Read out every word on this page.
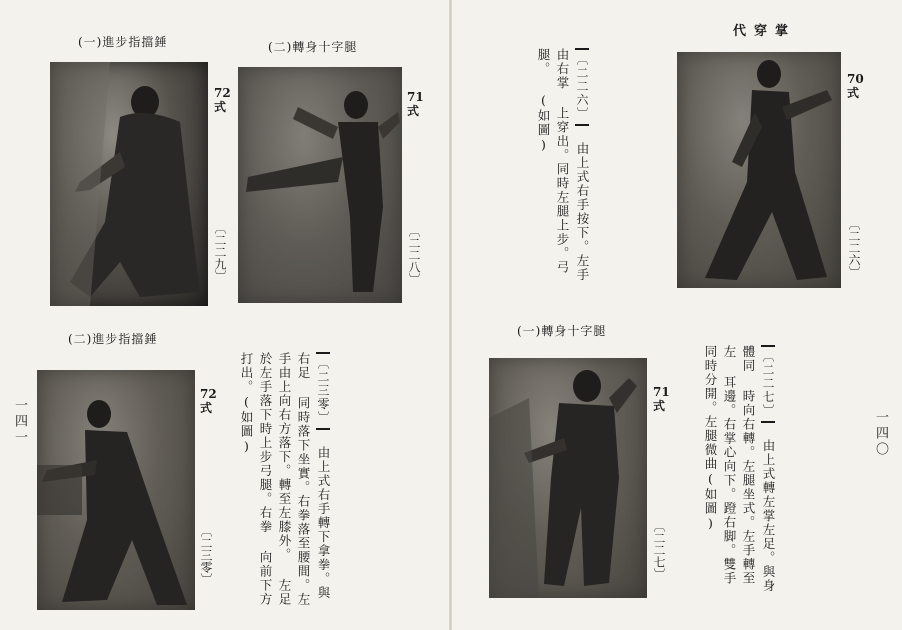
(一)進步指擋錘
72
式
〔二二九〕
(二)轉身十字腿
71
式
〔二二八〕
(二)進步指擋錘
72
式
〔二三零〕
〔二三零〕 由上式右手轉下拿拳。與右足 同時落下坐實。右拳落至腰間。左 手由上向右方落下。轉至左膝外。 左足於左手落下時上步弓腿。右拳 向前下方打出。(如圖)
一四一
代穿掌
〔二二六〕 由上式右手按下。左手由右掌 上穿出。同時左腿上步。弓腿。 (如圖)
70
式
〔二二六〕
(一)轉身十字腿
71
式
〔二二七〕
〔二二七〕 由上式轉左掌左足。與身體同 時向右轉。左腿坐式。左手轉至左 耳邊。右掌心向下。蹬右脚。雙手 同時分開。左腿微曲(如圖)	一四〇
